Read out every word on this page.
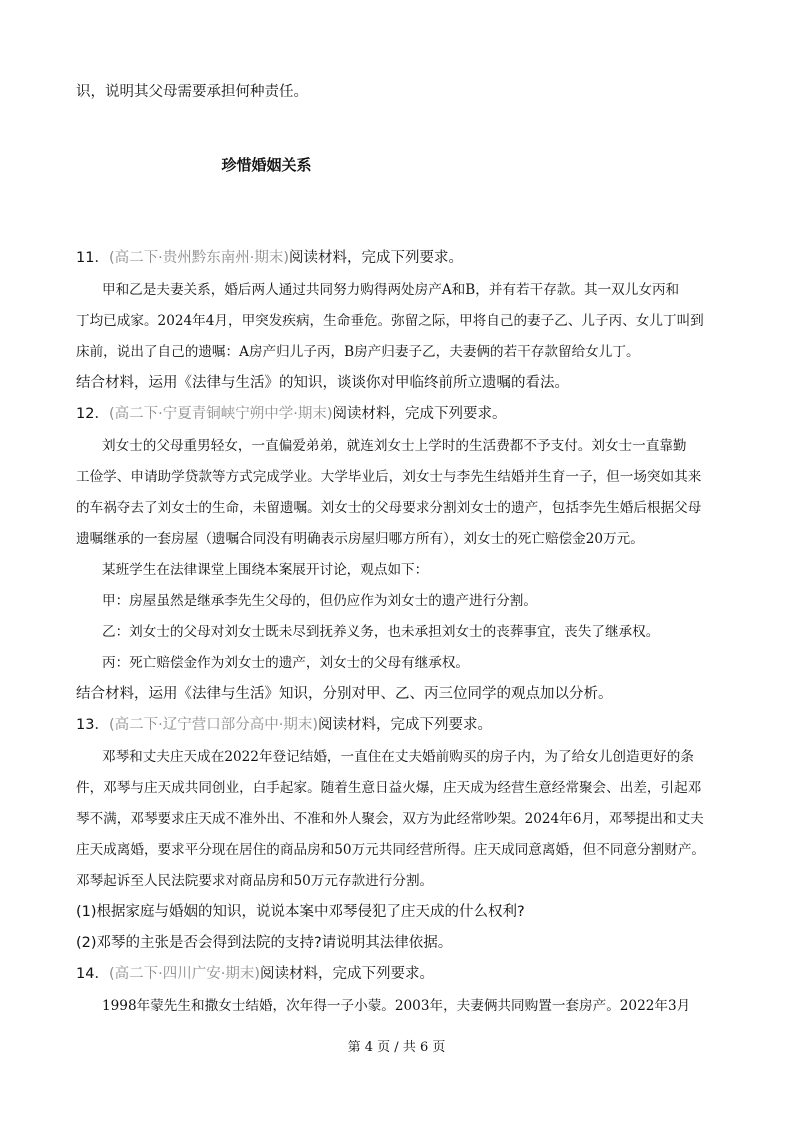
识，说明其父母需要承担何种责任。
珍惜婚姻关系
11．(高二下·贵州黔东南州·期末)阅读材料，完成下列要求。
甲和乙是夫妻关系，婚后两人通过共同努力购得两处房产A和B，并有若干存款。其一双儿女丙和
丁均已成家。2024年4月，甲突发疾病，生命垂危。弥留之际，甲将自己的妻子乙、儿子丙、女儿丁叫到
床前，说出了自己的遗嘱：A房产归儿子丙，B房产归妻子乙，夫妻俩的若干存款留给女儿丁。
结合材料，运用《法律与生活》的知识，谈谈你对甲临终前所立遗嘱的看法。
12．(高二下·宁夏青铜峡宁朔中学·期末)阅读材料，完成下列要求。
刘女士的父母重男轻女，一直偏爱弟弟，就连刘女士上学时的生活费都不予支付。刘女士一直靠勤
工俭学、申请助学贷款等方式完成学业。大学毕业后，刘女士与李先生结婚并生育一子，但一场突如其来
的车祸夺去了刘女士的生命，未留遗嘱。刘女士的父母要求分割刘女士的遗产，包括李先生婚后根据父母
遗嘱继承的一套房屋（遗嘱合同没有明确表示房屋归哪方所有），刘女士的死亡赔偿金20万元。
某班学生在法律课堂上围绕本案展开讨论，观点如下：
甲：房屋虽然是继承李先生父母的，但仍应作为刘女士的遗产进行分割。
乙：刘女士的父母对刘女士既未尽到抚养义务，也未承担刘女士的丧葬事宜，丧失了继承权。
丙：死亡赔偿金作为刘女士的遗产，刘女士的父母有继承权。
结合材料，运用《法律与生活》知识，分别对甲、乙、丙三位同学的观点加以分析。
13．(高二下·辽宁营口部分高中·期末)阅读材料，完成下列要求。
邓琴和丈夫庄天成在2022年登记结婚，一直住在丈夫婚前购买的房子内，为了给女儿创造更好的条
件，邓琴与庄天成共同创业，白手起家。随着生意日益火爆，庄天成为经营生意经常聚会、出差，引起邓
琴不满，邓琴要求庄天成不准外出、不准和外人聚会，双方为此经常吵架。2024年6月，邓琴提出和丈夫
庄天成离婚，要求平分现在居住的商品房和50万元共同经营所得。庄天成同意离婚，但不同意分割财产。
邓琴起诉至人民法院要求对商品房和50万元存款进行分割。
(1)根据家庭与婚姻的知识，说说本案中邓琴侵犯了庄天成的什么权利?
(2)邓琴的主张是否会得到法院的支持?请说明其法律依据。
14．(高二下·四川广安·期末)阅读材料，完成下列要求。
1998年蒙先生和撒女士结婚，次年得一子小蒙。2003年，夫妻俩共同购置一套房产。2022年3月
第 4 页 / 共 6 页
